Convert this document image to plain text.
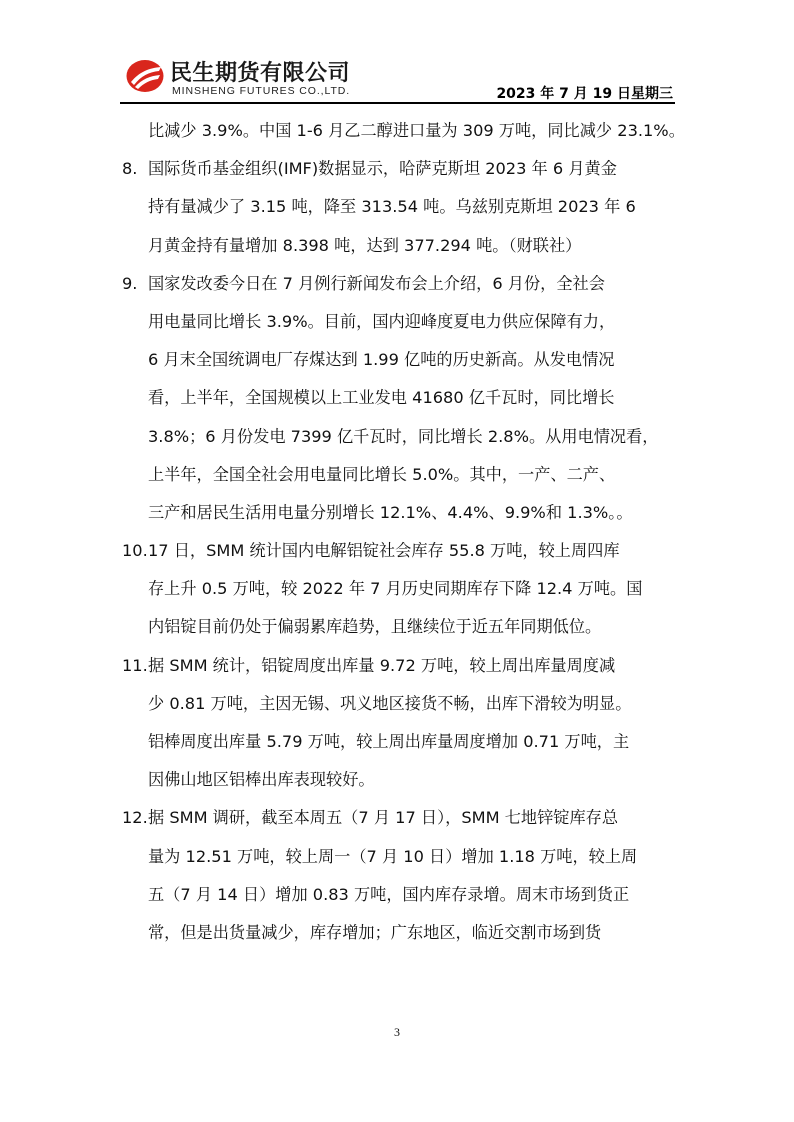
民生期货有限公司
MINSHENG FUTURES CO.,LTD.	2023 年 7 月 19 日星期三
比减少 3.9%。中国 1-6 月乙二醇进口量为 309 万吨，同比减少 23.1%。
8. 国际货币基金组织(IMF)数据显示，哈萨克斯坦 2023 年 6 月黄金
持有量减少了 3.15 吨，降至 313.54 吨。乌兹别克斯坦 2023 年 6
月黄金持有量增加 8.398 吨，达到 377.294 吨。（财联社）
9. 国家发改委今日在 7 月例行新闻发布会上介绍，6 月份，全社会
用电量同比增长 3.9%。目前，国内迎峰度夏电力供应保障有力，
6 月末全国统调电厂存煤达到 1.99 亿吨的历史新高。从发电情况
看，上半年，全国规模以上工业发电 41680 亿千瓦时，同比增长
3.8%；6 月份发电 7399 亿千瓦时，同比增长 2.8%。从用电情况看，
上半年，全国全社会用电量同比增长 5.0%。其中，一产、二产、
三产和居民生活用电量分别增长 12.1%、4.4%、9.9%和 1.3%。。
10.17 日，SMM 统计国内电解铝锭社会库存 55.8 万吨，较上周四库
存上升 0.5 万吨，较 2022 年 7 月历史同期库存下降 12.4 万吨。国
内铝锭目前仍处于偏弱累库趋势，且继续位于近五年同期低位。
11.据 SMM 统计，铝锭周度出库量 9.72 万吨，较上周出库量周度减
少 0.81 万吨，主因无锡、巩义地区接货不畅，出库下滑较为明显。
铝棒周度出库量 5.79 万吨，较上周出库量周度增加 0.71 万吨，主
因佛山地区铝棒出库表现较好。
12.据 SMM 调研，截至本周五（7 月 17 日），SMM 七地锌锭库存总
量为 12.51 万吨，较上周一（7 月 10 日）增加 1.18 万吨，较上周
五（7 月 14 日）增加 0.83 万吨，国内库存录增。周末市场到货正
常，但是出货量减少，库存增加；广东地区，临近交割市场到货
3
